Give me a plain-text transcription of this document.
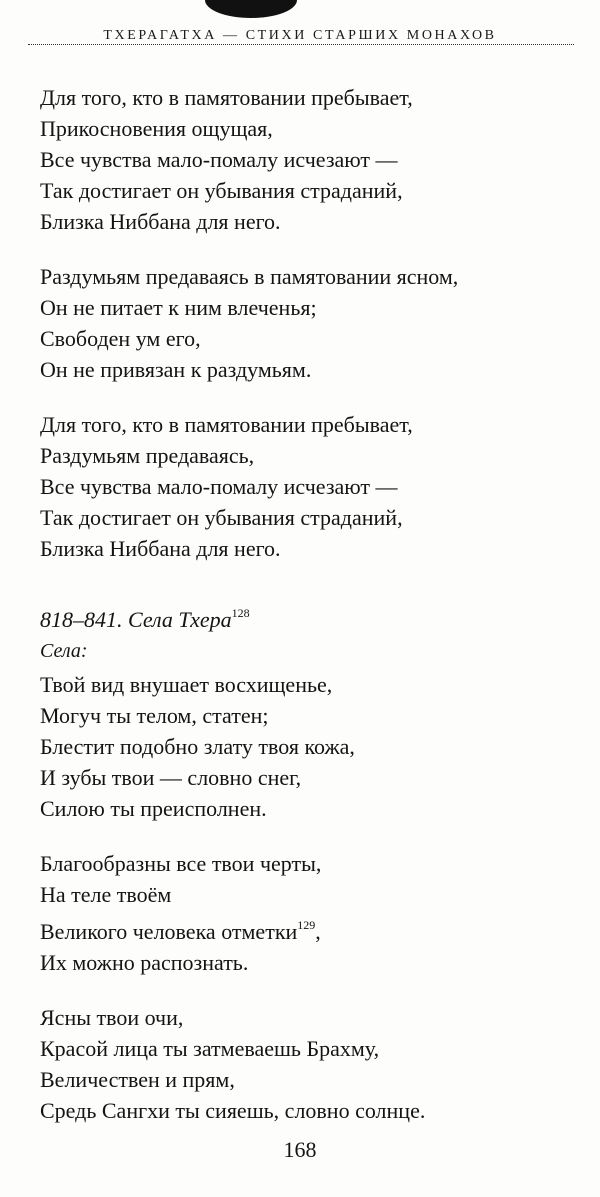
ТХЕРАГАТХА — СТИХИ СТАРШИХ МОНАХОВ
Для того, кто в памятовании пребывает,
Прикосновения ощущая,
Все чувства мало-помалу исчезают —
Так достигает он убывания страданий,
Близка Ниббана для него.
Раздумьям предаваясь в памятовании ясном,
Он не питает к ним влеченья;
Свободен ум его,
Он не привязан к раздумьям.
Для того, кто в памятовании пребывает,
Раздумьям предаваясь,
Все чувства мало-помалу исчезают —
Так достигает он убывания страданий,
Близка Ниббана для него.
818–841. Села Тхера$^{128}$
Села:
Твой вид внушает восхищенье,
Могуч ты телом, статен;
Блестит подобно злату твоя кожа,
И зубы твои — словно снег,
Силою ты преисполнен.
Благообразны все твои черты,
На теле твоём
Великого человека отметки$^{129}$,
Их можно распознать.
Ясны твои очи,
Красой лица ты затмеваешь Брахму,
Величествен и прям,
Средь Сангхи ты сияешь, словно солнце.
168
